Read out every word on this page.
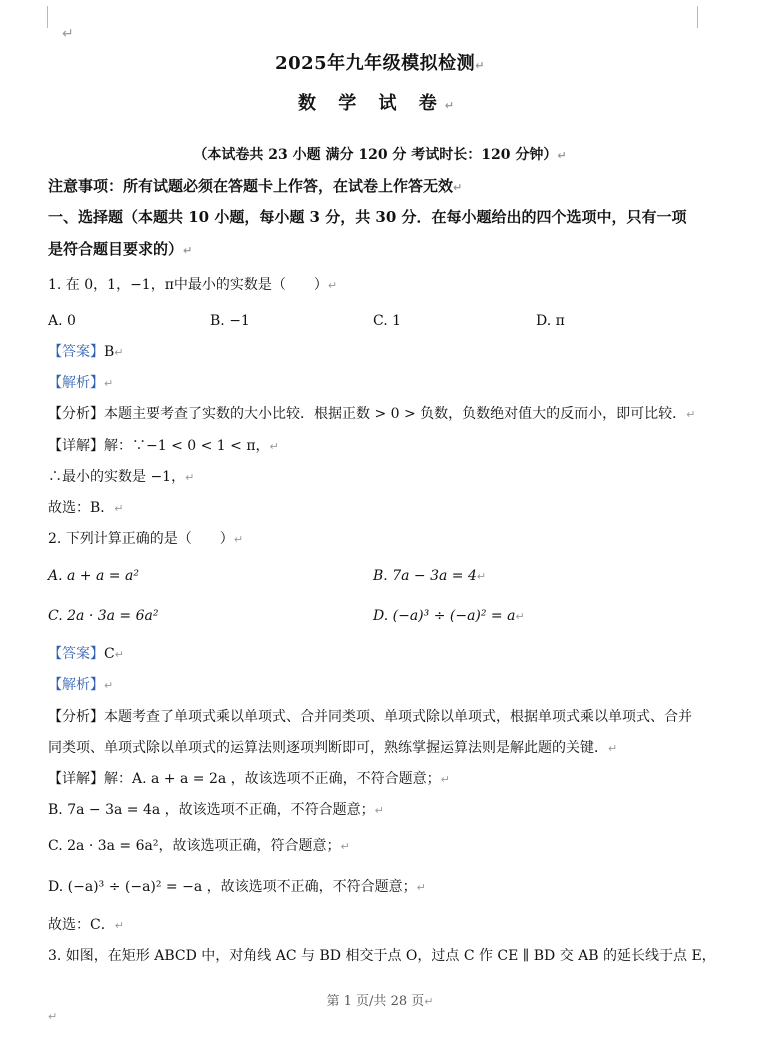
↵
2025年九年级模拟检测↵
数 学 试 卷↵
（本试卷共 23 小题 满分 120 分 考试时长：120 分钟）↵
注意事项：所有试题必须在答题卡上作答，在试卷上作答无效↵
一、选择题（本题共 10 小题，每小题 3 分，共 30 分．在每小题给出的四个选项中，只有一项
是符合题目要求的）↵
1. 在 0，1，−1，π中最小的实数是（　　）↵
A. 0	B. −1	C. 1	D. π
【答案】B↵
【解析】↵
【分析】本题主要考查了实数的大小比较．根据正数 > 0 > 负数，负数绝对值大的反而小，即可比较．↵
【详解】解：∵−1 < 0 < 1 < π，↵
∴最小的实数是 −1，↵
故选：B．↵
2. 下列计算正确的是（　　）↵
A. a + a = a²	B. 7a − 3a = 4↵
C. 2a · 3a = 6a²	D. (−a)³ ÷ (−a)² = a↵
【答案】C↵
【解析】↵
【分析】本题考查了单项式乘以单项式、合并同类项、单项式除以单项式，根据单项式乘以单项式、合并
同类项、单项式除以单项式的运算法则逐项判断即可，熟练掌握运算法则是解此题的关键．↵
【详解】解：A. a + a = 2a ，故该选项不正确，不符合题意；↵
B. 7a − 3a = 4a ，故该选项不正确，不符合题意；↵
C. 2a · 3a = 6a²，故该选项正确，符合题意；↵
D. (−a)³ ÷ (−a)² = −a ，故该选项不正确，不符合题意；↵
故选：C．↵
3. 如图，在矩形 ABCD 中，对角线 AC 与 BD 相交于点 O，过点 C 作 CE ∥ BD 交 AB 的延长线于点 E，
第 1 页/共 28 页↵
↵
